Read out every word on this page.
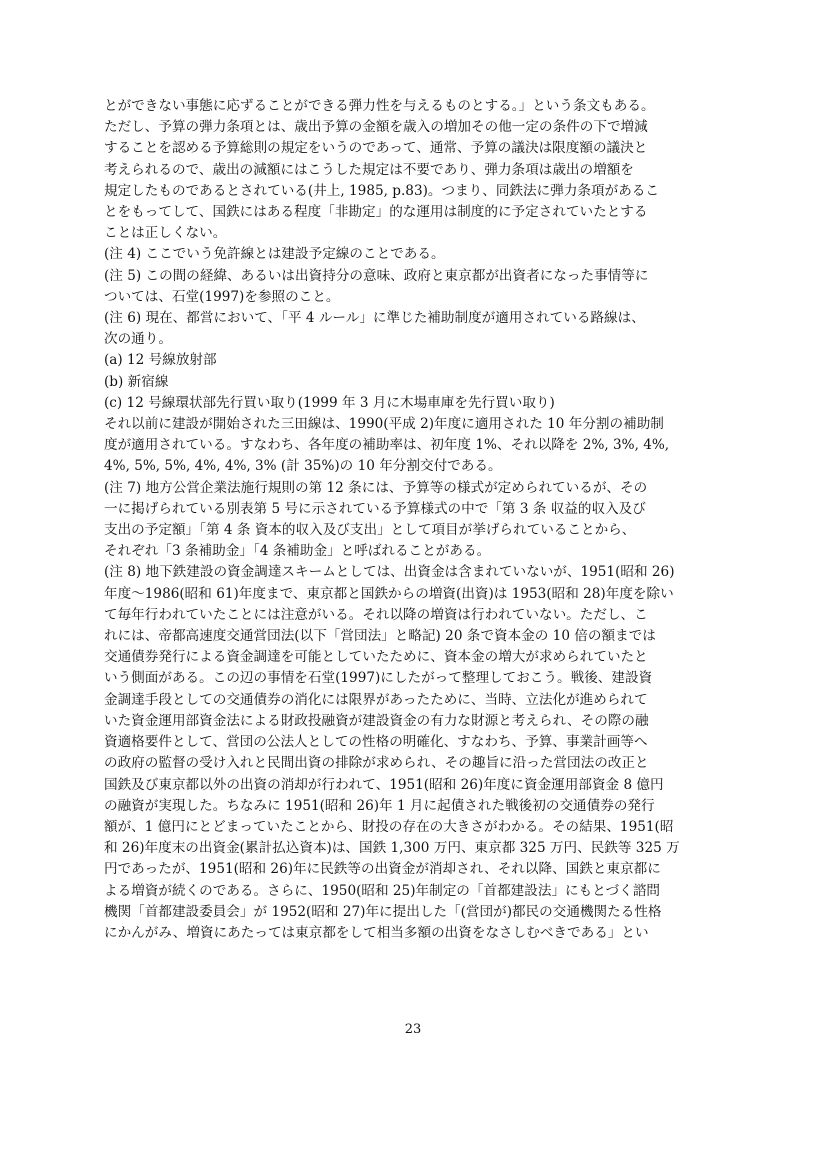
とができない事態に応ずることができる弾力性を与えるものとする。」という条文もある。
ただし、予算の弾力条項とは、歳出予算の金額を歳入の増加その他一定の条件の下で増減
することを認める予算総則の規定をいうのであって、通常、予算の議決は限度額の議決と
考えられるので、歳出の減額にはこうした規定は不要であり、弾力条項は歳出の増額を
規定したものであるとされている(井上, 1985, p.83)。つまり、同鉄法に弾力条項があるこ
とをもってして、国鉄にはある程度「非勘定」的な運用は制度的に予定されていたとする
ことは正しくない。
(注 4) ここでいう免許線とは建設予定線のことである。
(注 5) この間の経緯、あるいは出資持分の意味、政府と東京都が出資者になった事情等に
ついては、石堂(1997)を参照のこと。
(注 6) 現在、都営において、「平 4 ルール」に準じた補助制度が適用されている路線は、
次の通り。
(a) 12 号線放射部
(b) 新宿線
(c) 12 号線環状部先行買い取り(1999 年 3 月に木場車庫を先行買い取り)
それ以前に建設が開始された三田線は、1990(平成 2)年度に適用された 10 年分割の補助制
度が適用されている。すなわち、各年度の補助率は、初年度 1%、それ以降を 2%, 3%, 4%,
4%, 5%, 5%, 4%, 4%, 3% (計 35%)の 10 年分割交付である。
(注 7) 地方公営企業法施行規則の第 12 条には、予算等の様式が定められているが、その
一に掲げられている別表第 5 号に示されている予算様式の中で「第 3 条 収益的収入及び
支出の予定額」「第 4 条 資本的収入及び支出」として項目が挙げられていることから、
それぞれ「3 条補助金」「4 条補助金」と呼ばれることがある。
(注 8) 地下鉄建設の資金調達スキームとしては、出資金は含まれていないが、1951(昭和 26)
年度～1986(昭和 61)年度まで、東京都と国鉄からの増資(出資)は 1953(昭和 28)年度を除い
て毎年行われていたことには注意がいる。それ以降の増資は行われていない。ただし、こ
れには、帝都高速度交通営団法(以下「営団法」と略記) 20 条で資本金の 10 倍の額までは
交通債券発行による資金調達を可能としていたために、資本金の増大が求められていたと
いう側面がある。この辺の事情を石堂(1997)にしたがって整理しておこう。戦後、建設資
金調達手段としての交通債券の消化には限界があったために、当時、立法化が進められて
いた資金運用部資金法による財政投融資が建設資金の有力な財源と考えられ、その際の融
資適格要件として、営団の公法人としての性格の明確化、すなわち、予算、事業計画等へ
の政府の監督の受け入れと民間出資の排除が求められ、その趣旨に沿った営団法の改正と
国鉄及び東京都以外の出資の消却が行われて、1951(昭和 26)年度に資金運用部資金 8 億円
の融資が実現した。ちなみに 1951(昭和 26)年 1 月に起債された戦後初の交通債券の発行
額が、1 億円にとどまっていたことから、財投の存在の大きさがわかる。その結果、1951(昭
和 26)年度末の出資金(累計払込資本)は、国鉄 1,300 万円、東京都 325 万円、民鉄等 325 万
円であったが、1951(昭和 26)年に民鉄等の出資金が消却され、それ以降、国鉄と東京都に
よる増資が続くのである。さらに、1950(昭和 25)年制定の「首都建設法」にもとづく諮問
機関「首都建設委員会」が 1952(昭和 27)年に提出した「(営団が)都民の交通機関たる性格
にかんがみ、増資にあたっては東京都をして相当多額の出資をなさしむべきである」とい
23
